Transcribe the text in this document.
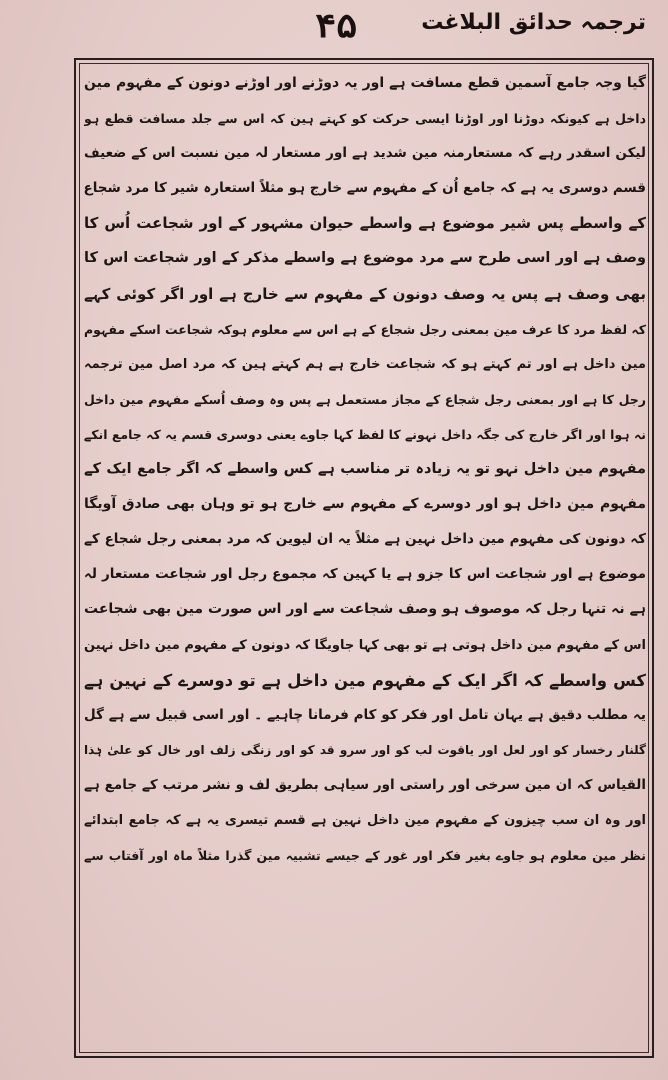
۴۵	ترجمہ حدائق البلاغت
گیا وجہ جامع آسمین قطع مسافت ہے اور یہ دوڑنے اور اوڑنے دونون کے مفہوم مین
داخل ہے کیونکہ دوڑنا اور اوڑنا ایسی حرکت کو کہتے ہین کہ اس سے جلد مسافت قطع ہو
لیکن اسقدر رہے کہ مستعارمنہ مین شدید ہے اور مستعار لہ مین نسبت اس کے ضعیف
قسم دوسری یہ ہے کہ جامع اُن کے مفہوم سے خارج ہو مثلاً استعارہ شیر کا مرد شجاع
کے واسطے پس شیر موضوع ہے واسطے حیوان مشہور کے اور شجاعت اُس کا
وصف ہے اور اسی طرح سے مرد موضوع ہے واسطے مذکر کے اور شجاعت اس کا
بھی وصف ہے پس یہ وصف دونون کے مفہوم سے خارج ہے اور اگر کوئی کہے
کہ لفظ مرد کا عرف مین بمعنی رجل شجاع کے ہے اس سے معلوم ہوکہ شجاعت اسکے مفہوم
مین داخل ہے اور تم کہتے ہو کہ شجاعت خارج ہے ہم کہتے ہین کہ مرد اصل مین ترجمہ
رجل کا ہے اور بمعنی رجل شجاع کے مجاز مستعمل ہے پس وہ وصف اُسکے مفہوم مین داخل
نہ ہوا اور اگر خارج کی جگہ داخل نہونے کا لفظ کہا جاوے یعنی دوسری قسم یہ کہ جامع انکے
مفہوم مین داخل نہو تو یہ زیادہ تر مناسب ہے کس واسطے کہ اگر جامع ایک کے
مفہوم مین داخل ہو اور دوسرے کے مفہوم سے خارج ہو تو وہان بھی صادق آویگا
کہ دونون کی مفہوم مین داخل نہین ہے مثلاً یہ ان لیوین کہ مرد بمعنی رجل شجاع کے
موضوع ہے اور شجاعت اس کا جزو ہے یا کہین کہ مجموع رجل اور شجاعت مستعار لہ
ہے نہ تنہا رجل کہ موصوف ہو وصف شجاعت سے اور اس صورت مین بھی شجاعت
اس کے مفہوم مین داخل ہوتی ہے تو بھی کہا جاویگا کہ دونون کے مفہوم مین داخل نہین
کس واسطے کہ اگر ایک کے مفہوم مین داخل ہے تو دوسرے کے نہین ہے
یہ مطلب دقیق ہے یہان تامل اور فکر کو کام فرمانا چاہیے ۔ اور اسی قبیل سے ہے گل
گلنار رخسار کو اور لعل اور یاقوت لب کو اور سرو قد کو اور زنگی زلف اور خال کو علیٰ ہٰذا
القیاس کہ ان مین سرخی اور راستی اور سیاہی بطریق لف و نشر مرتب کے جامع ہے
اور وہ ان سب چیزون کے مفہوم مین داخل نہین ہے قسم تیسری یہ ہے کہ جامع ابتدائے
نظر مین معلوم ہو جاوے بغیر فکر اور غور کے جیسے تشبیہ مین گذرا مثلاً ماہ اور آفتاب سے
